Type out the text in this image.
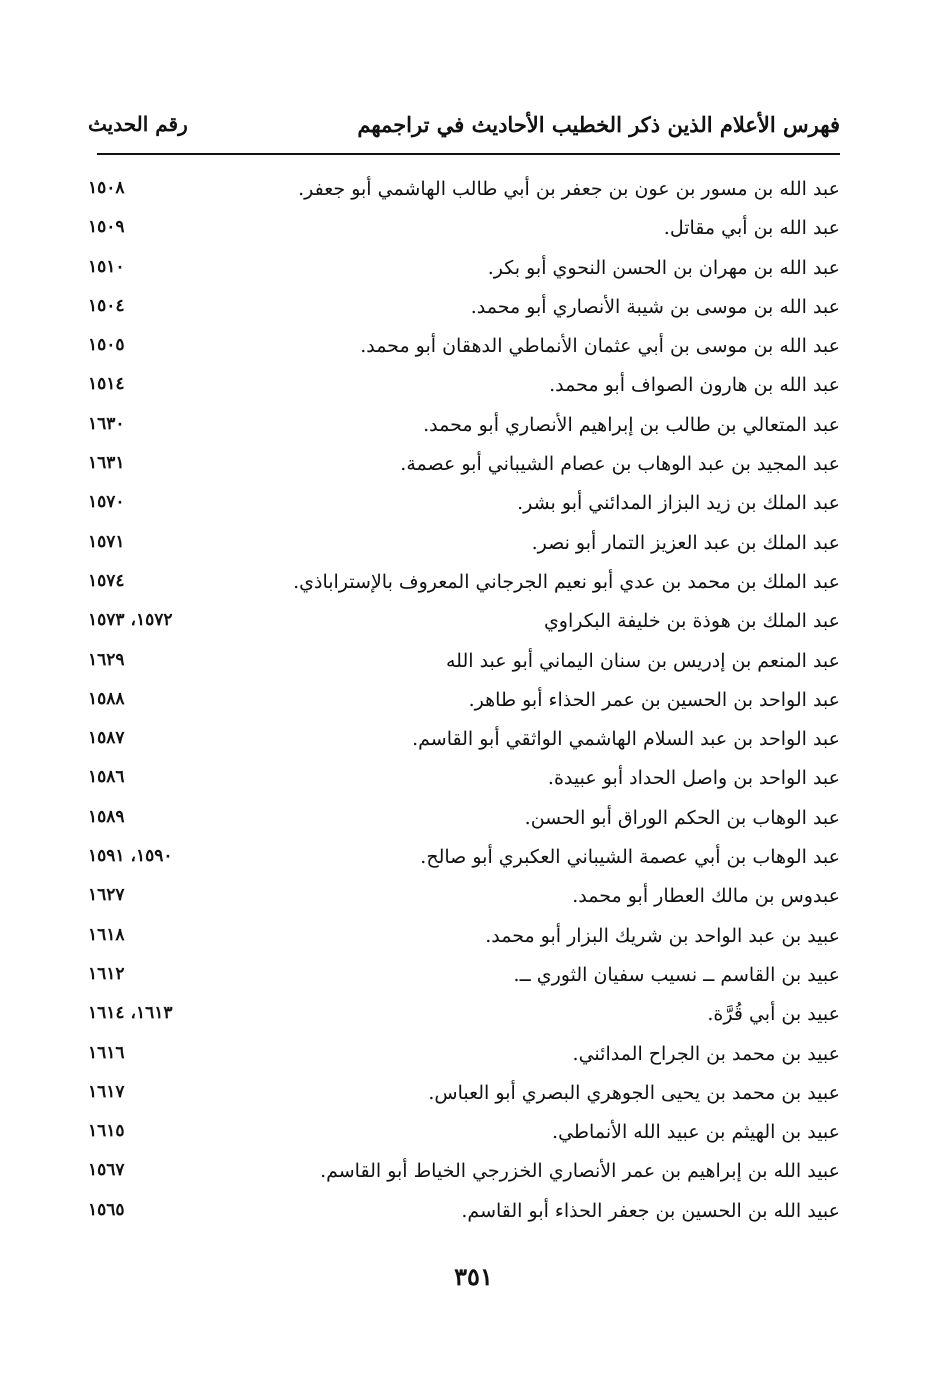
فهرس الأعلام الذين ذكر الخطيب الأحاديث في تراجمهم
رقم الحديث
عبد الله بن مسور بن عون بن جعفر بن أبي طالب الهاشمي أبو جعفر.
١٥٠٨
عبد الله بن أبي مقاتل.
١٥٠٩
عبد الله بن مهران بن الحسن النحوي أبو بكر.
١٥١٠
عبد الله بن موسى بن شيبة الأنصاري أبو محمد.
١٥٠٤
عبد الله بن موسى بن أبي عثمان الأنماطي الدهقان أبو محمد.
١٥٠٥
عبد الله بن هارون الصواف أبو محمد.
١٥١٤
عبد المتعالي بن طالب بن إبراهيم الأنصاري أبو محمد.
١٦٣٠
عبد المجيد بن عبد الوهاب بن عصام الشيباني أبو عصمة.
١٦٣١
عبد الملك بن زيد البزاز المدائني أبو بشر.
١٥٧٠
عبد الملك بن عبد العزيز التمار أبو نصر.
١٥٧١
عبد الملك بن محمد بن عدي أبو نعيم الجرجاني المعروف بالإستراباذي.
١٥٧٤
عبد الملك بن هوذة بن خليفة البكراوي
١٥٧٢، ١٥٧٣
عبد المنعم بن إدريس بن سنان اليماني أبو عبد الله
١٦٢٩
عبد الواحد بن الحسين بن عمر الحذاء أبو طاهر.
١٥٨٨
عبد الواحد بن عبد السلام الهاشمي الواثقي أبو القاسم.
١٥٨٧
عبد الواحد بن واصل الحداد أبو عبيدة.
١٥٨٦
عبد الوهاب بن الحكم الوراق أبو الحسن.
١٥٨٩
عبد الوهاب بن أبي عصمة الشيباني العكبري أبو صالح.
١٥٩٠، ١٥٩١
عبدوس بن مالك العطار أبو محمد.
١٦٢٧
عبيد بن عبد الواحد بن شريك البزار أبو محمد.
١٦١٨
عبيد بن القاسم ــ نسيب سفيان الثوري ــ.
١٦١٢
عبيد بن أبي قُرَّة.
١٦١٣، ١٦١٤
عبيد بن محمد بن الجراح المدائني.
١٦١٦
عبيد بن محمد بن يحيى الجوهري البصري أبو العباس.
١٦١٧
عبيد بن الهيثم بن عبيد الله الأنماطي.
١٦١٥
عبيد الله بن إبراهيم بن عمر الأنصاري الخزرجي الخياط أبو القاسم.
١٥٦٧
عبيد الله بن الحسين بن جعفر الحذاء أبو القاسم.
١٥٦٥
٣٥١
